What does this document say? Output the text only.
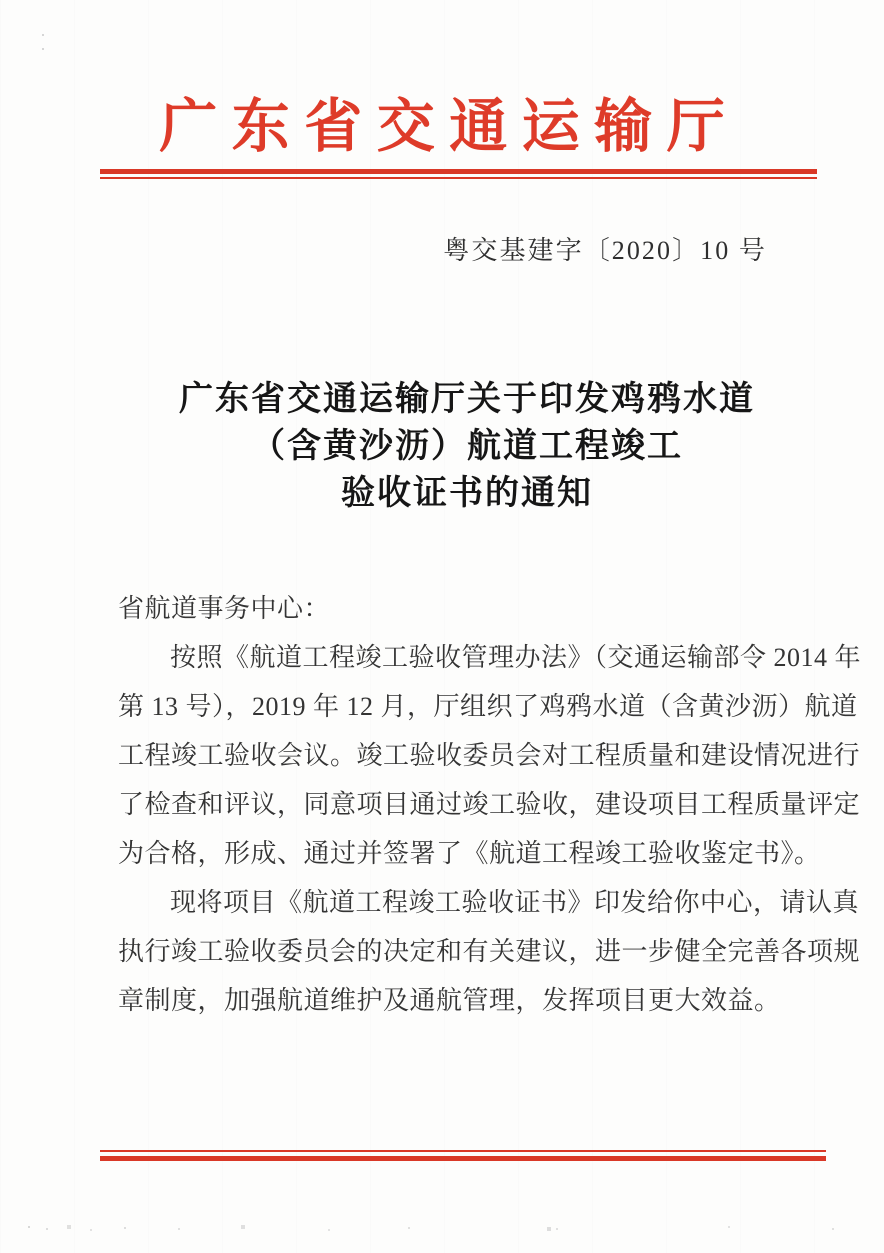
广东省交通运输厅
粤交基建字〔2020〕10 号
广东省交通运输厅关于印发鸡鸦水道
（含黄沙沥）航道工程竣工
验收证书的通知
省航道事务中心：
按照《航道工程竣工验收管理办法》（交通运输部令 2014 年
第 13 号），2019 年 12 月，厅组织了鸡鸦水道（含黄沙沥）航道
工程竣工验收会议。竣工验收委员会对工程质量和建设情况进行
了检查和评议，同意项目通过竣工验收，建设项目工程质量评定
为合格，形成、通过并签署了《航道工程竣工验收鉴定书》。
现将项目《航道工程竣工验收证书》印发给你中心，请认真
执行竣工验收委员会的决定和有关建议，进一步健全完善各项规
章制度，加强航道维护及通航管理，发挥项目更大效益。
